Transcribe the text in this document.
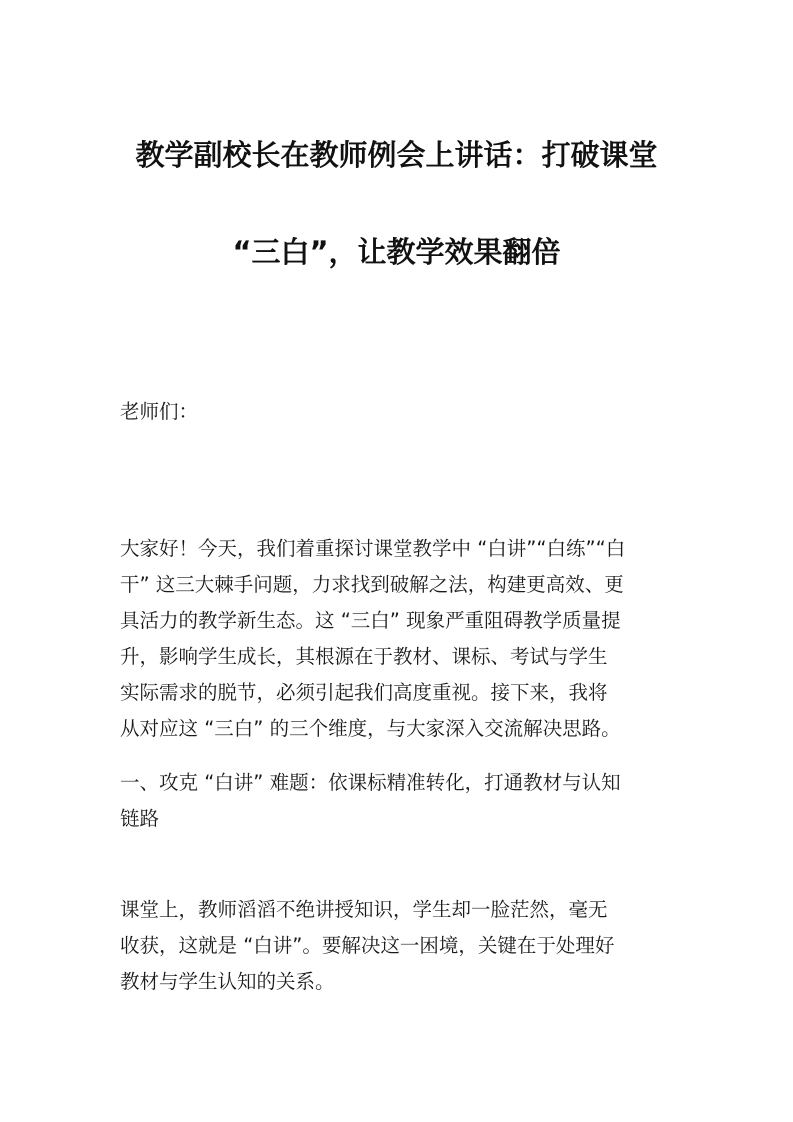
教学副校长在教师例会上讲话：打破课堂
“三白”，让教学效果翻倍
老师们：
大家好！今天，我们着重探讨课堂教学中 “白讲”“白练”“白
干” 这三大棘手问题，力求找到破解之法，构建更高效、更
具活力的教学新生态。这 “三白” 现象严重阻碍教学质量提
升，影响学生成长，其根源在于教材、课标、考试与学生
实际需求的脱节，必须引起我们高度重视。接下来，我将
从对应这 “三白” 的三个维度，与大家深入交流解决思路。
一、攻克 “白讲” 难题：依课标精准转化，打通教材与认知
链路
课堂上，教师滔滔不绝讲授知识，学生却一脸茫然，毫无
收获，这就是 “白讲”。要解决这一困境，关键在于处理好
教材与学生认知的关系。
